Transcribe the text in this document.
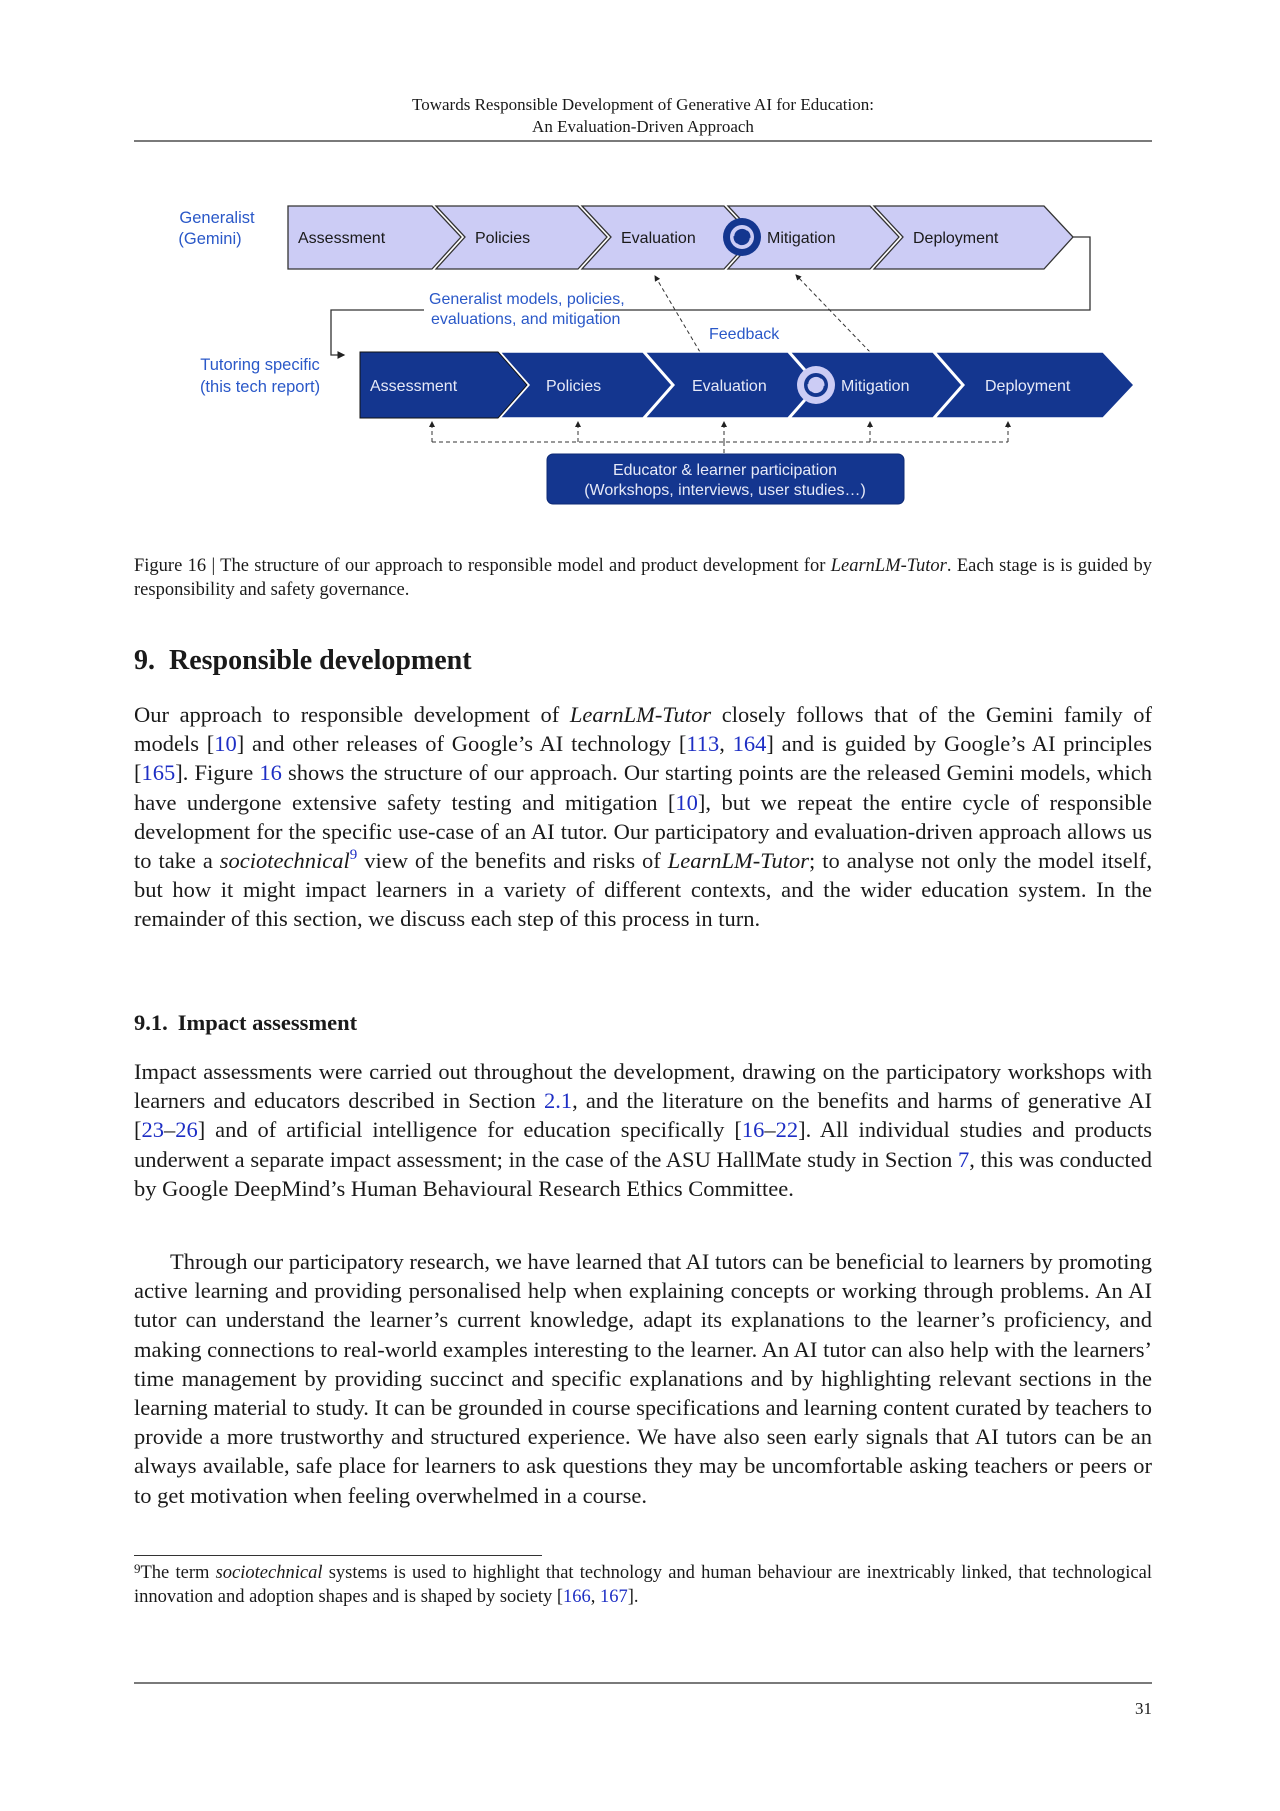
Towards Responsible Development of Generative AI for Education:
An Evaluation-Driven Approach
Generalist
(Gemini)
Tutoring specific
(this tech report)
Assessment	Policies	Evaluation	Mitigation	Deployment
Generalist models, policies,
evaluations, and mitigation
Feedback
Assessment	Policies	Evaluation	Mitigation	Deployment
Educator & learner participation
(Workshops, interviews, user studies…)
Figure 16 | The structure of our approach to responsible model and product development for LearnLM-Tutor. Each stage is is guided by responsibility and safety governance.
9. Responsible development
Our approach to responsible development of LearnLM-Tutor closely follows that of the Gemini family of models [10] and other releases of Google’s AI technology [113, 164] and is guided by Google’s AI principles [165]. Figure 16 shows the structure of our approach. Our starting points are the released Gemini models, which have undergone extensive safety testing and mitigation [10], but we repeat the entire cycle of responsible development for the specific use-case of an AI tutor. Our participatory and evaluation-driven approach allows us to take a sociotechnical$^9$ view of the benefits and risks of LearnLM-Tutor; to analyse not only the model itself, but how it might impact learners in a variety of different contexts, and the wider education system. In the remainder of this section, we discuss each step of this process in turn.
9.1. Impact assessment
Impact assessments were carried out throughout the development, drawing on the participatory workshops with learners and educators described in Section 2.1, and the literature on the benefits and harms of generative AI [23–26] and of artificial intelligence for education specifically [16–22]. All individual studies and products underwent a separate impact assessment; in the case of the ASU HallMate study in Section 7, this was conducted by Google DeepMind’s Human Behavioural Research Ethics Committee.
Through our participatory research, we have learned that AI tutors can be beneficial to learners by promoting active learning and providing personalised help when explaining concepts or working through problems. An AI tutor can understand the learner’s current knowledge, adapt its explanations to the learner’s proficiency, and making connections to real-world examples interesting to the learner. An AI tutor can also help with the learners’ time management by providing succinct and specific explanations and by highlighting relevant sections in the learning material to study. It can be grounded in course specifications and learning content curated by teachers to provide a more trustworthy and structured experience. We have also seen early signals that AI tutors can be an always available, safe place for learners to ask questions they may be uncomfortable asking teachers or peers or to get motivation when feeling overwhelmed in a course.
$^9$The term sociotechnical systems is used to highlight that technology and human behaviour are inextricably linked, that technological innovation and adoption shapes and is shaped by society [166, 167].
31
